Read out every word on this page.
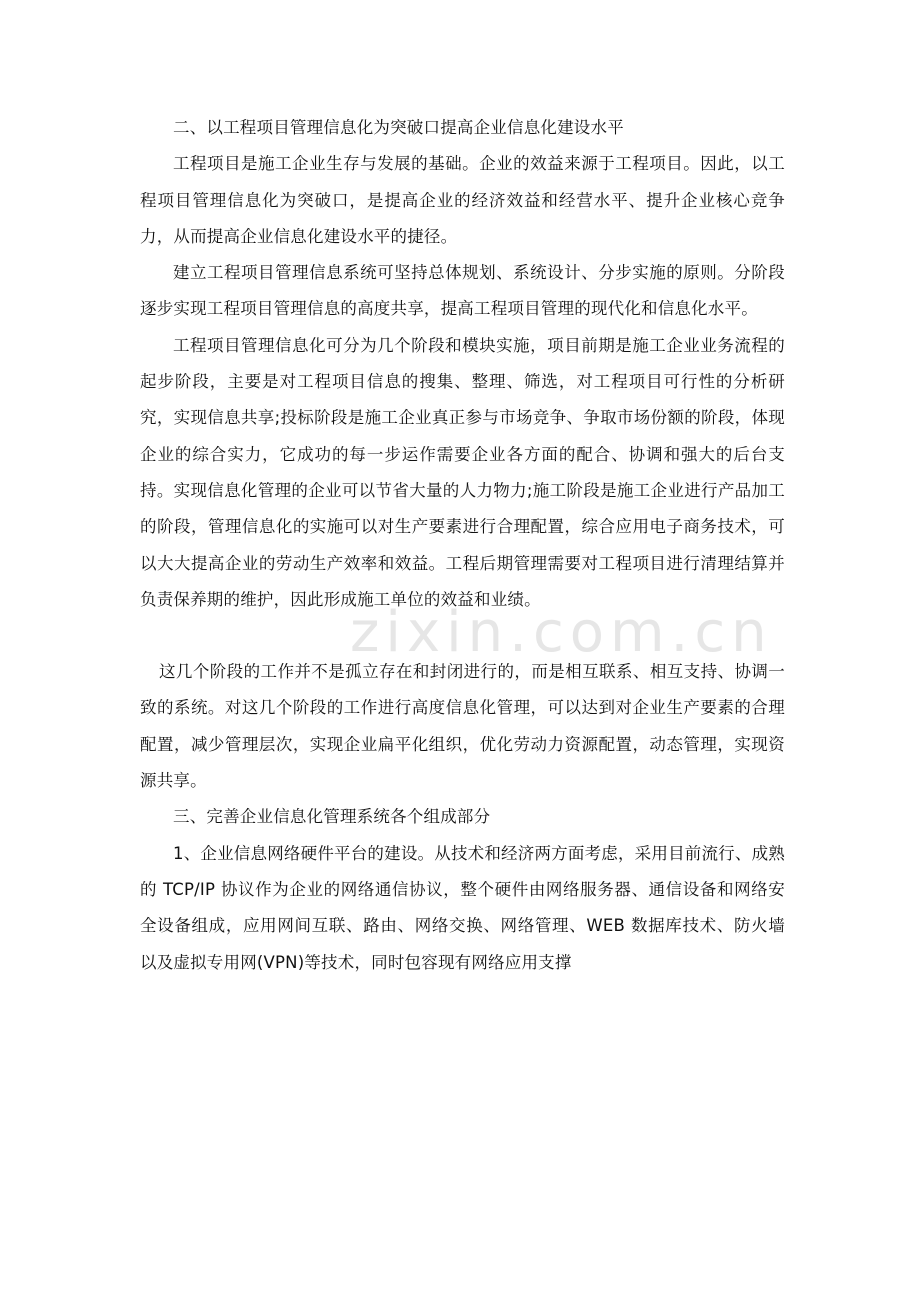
zixin.com.cn

二、以工程项目管理信息化为突破口提高企业信息化建设水平

工程项目是施工企业生存与发展的基础。企业的效益来源于工程项目。因此，以工程项目管理信息化为突破口，是提高企业的经济效益和经营水平、提升企业核心竞争力，从而提高企业信息化建设水平的捷径。

建立工程项目管理信息系统可坚持总体规划、系统设计、分步实施的原则。分阶段逐步实现工程项目管理信息的高度共享，提高工程项目管理的现代化和信息化水平。

工程项目管理信息化可分为几个阶段和模块实施，项目前期是施工企业业务流程的起步阶段，主要是对工程项目信息的搜集、整理、筛选，对工程项目可行性的分析研究，实现信息共享;投标阶段是施工企业真正参与市场竞争、争取市场份额的阶段，体现企业的综合实力，它成功的每一步运作需要企业各方面的配合、协调和强大的后台支持。实现信息化管理的企业可以节省大量的人力物力;施工阶段是施工企业进行产品加工的阶段，管理信息化的实施可以对生产要素进行合理配置，综合应用电子商务技术，可以大大提高企业的劳动生产效率和效益。工程后期管理需要对工程项目进行清理结算并负责保养期的维护，因此形成施工单位的效益和业绩。

这几个阶段的工作并不是孤立存在和封闭进行的，而是相互联系、相互支持、协调一致的系统。对这几个阶段的工作进行高度信息化管理，可以达到对企业生产要素的合理配置，减少管理层次，实现企业扁平化组织，优化劳动力资源配置，动态管理，实现资源共享。

三、完善企业信息化管理系统各个组成部分

1、企业信息网络硬件平台的建设。从技术和经济两方面考虑，采用目前流行、成熟的 TCP/IP 协议作为企业的网络通信协议，整个硬件由网络服务器、通信设备和网络安全设备组成，应用网间互联、路由、网络交换、网络管理、WEB 数据库技术、防火墙以及虚拟专用网(VPN)等技术，同时包容现有网络应用支撑
